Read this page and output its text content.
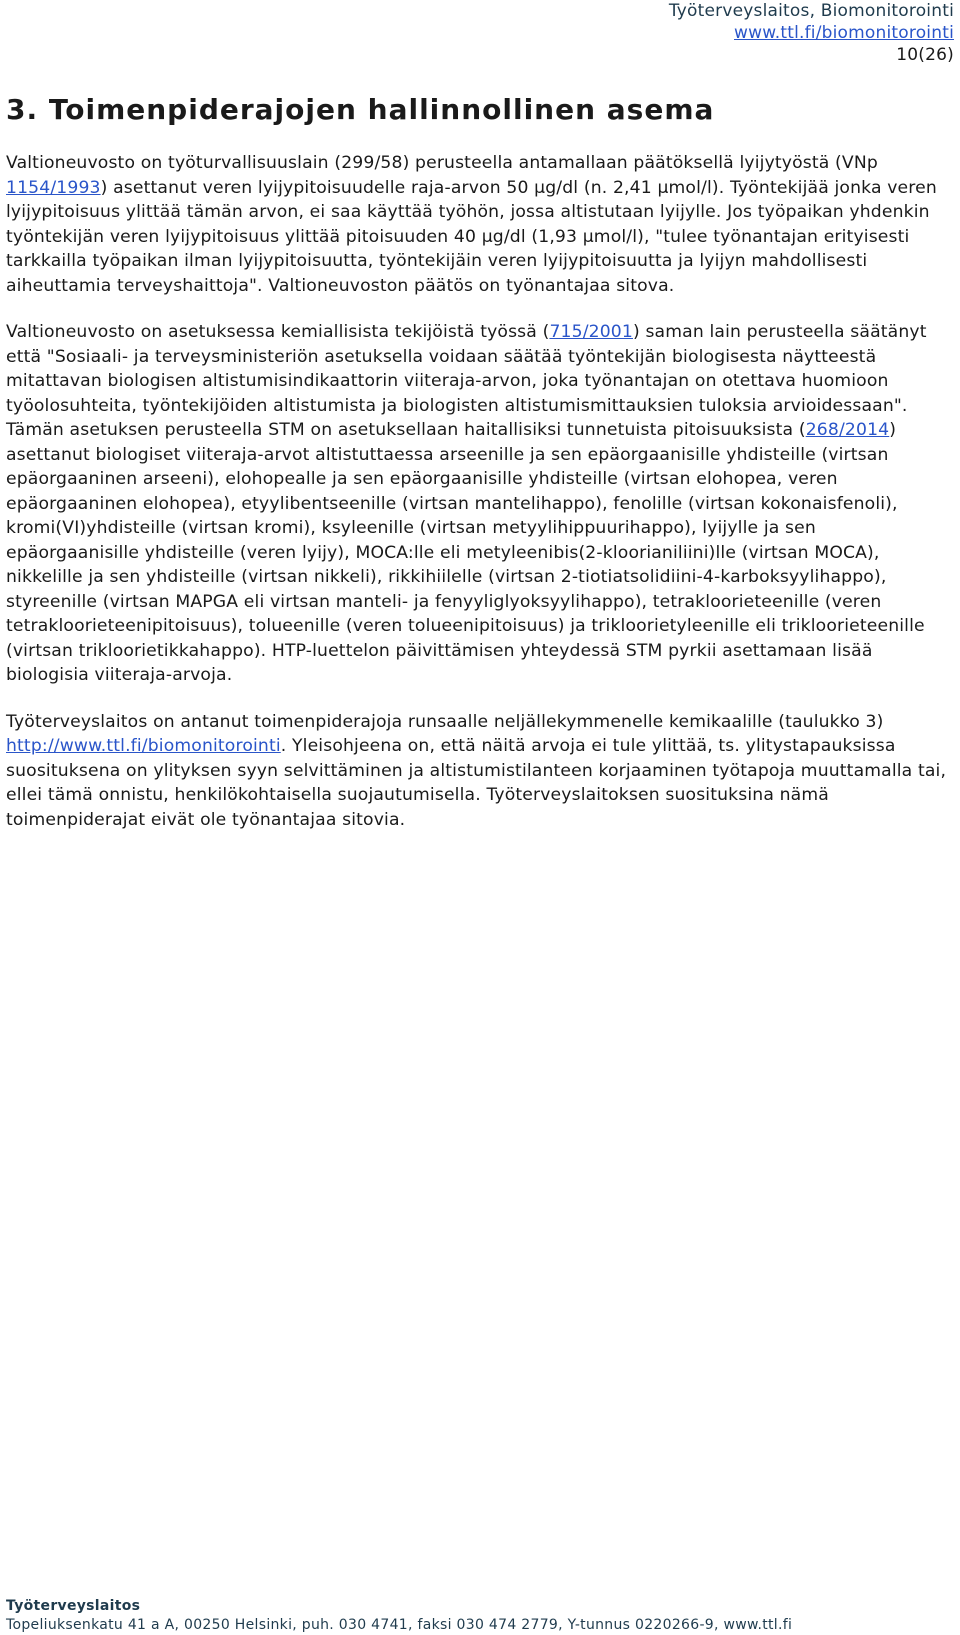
Työterveyslaitos, Biomonitorointi
www.ttl.fi/biomonitorointi
10(26)
3. Toimenpiderajojen hallinnollinen asema

Valtioneuvosto on työturvallisuuslain (299/58) perusteella antamallaan päätöksellä lyijytyöstä (VNp 1154/1993) asettanut veren lyijypitoisuudelle raja-arvon 50 µg/dl (n. 2,41 µmol/l). Työntekijää jonka veren lyijypitoisuus ylittää tämän arvon, ei saa käyttää työhön, jossa altistutaan lyijylle. Jos työpaikan yhdenkin työntekijän veren lyijypitoisuus ylittää pitoisuuden 40 µg/dl (1,93 µmol/l), "tulee työnantajan erityisesti tarkkailla työpaikan ilman lyijypitoisuutta, työntekijäin veren lyijypitoisuutta ja lyijyn mahdollisesti aiheuttamia terveyshaittoja". Valtioneuvoston päätös on työnantajaa sitova.

Valtioneuvosto on asetuksessa kemiallisista tekijöistä työssä (715/2001) saman lain perusteella säätänyt että "Sosiaali- ja terveysministeriön asetuksella voidaan säätää työntekijän biologisesta näytteestä mitattavan biologisen altistumisindikaattorin viiteraja-arvon, joka työnantajan on otettava huomioon työolosuhteita, työntekijöiden altistumista ja biologisten altistumismittauksien tuloksia arvioidessaan". Tämän asetuksen perusteella STM on asetuksellaan haitallisiksi tunnetuista pitoisuuksista (268/2014) asettanut biologiset viiteraja-arvot altistuttaessa arseenille ja sen epäorgaanisille yhdisteille (virtsan epäorgaaninen arseeni), elohopealle ja sen epäorgaanisille yhdisteille (virtsan elohopea, veren epäorgaaninen elohopea), etyylibentseenille (virtsan mantelihappo), fenolille (virtsan kokonaisfenoli), kromi(VI)yhdisteille (virtsan kromi), ksyleenille (virtsan metyylihippuurihappo), lyijylle ja sen epäorgaanisille yhdisteille (veren lyijy), MOCA:lle eli metyleenibis(2-kloorianiliini)lle (virtsan MOCA), nikkelille ja sen yhdisteille (virtsan nikkeli), rikkihiilelle (virtsan 2-tiotiatsolidiini-4-karboksyylihappo), styreenille (virtsan MAPGA eli virtsan manteli- ja fenyyliglyoksyylihappo), tetrakloorieteenille (veren tetrakloorieteenipitoisuus), tolueenille (veren tolueenipitoisuus) ja trikloorietyleenille eli trikloorieteenille (virtsan trikloorietikkahappo). HTP-luettelon päivittämisen yhteydessä STM pyrkii asettamaan lisää biologisia viiteraja-arvoja.

Työterveyslaitos on antanut toimenpiderajoja runsaalle neljällekymmenelle kemikaalille (taulukko 3) http://www.ttl.fi/biomonitorointi. Yleisohjeena on, että näitä arvoja ei tule ylittää, ts. ylitystapauksissa suosituksena on ylityksen syyn selvittäminen ja altistumistilanteen korjaaminen työtapoja muuttamalla tai, ellei tämä onnistu, henkilökohtaisella suojautumisella. Työterveyslaitoksen suosituksina nämä toimenpiderajat eivät ole työnantajaa sitovia.

Työterveyslaitos
Topeliuksenkatu 41 a A, 00250 Helsinki, puh. 030 4741, faksi 030 474 2779, Y-tunnus 0220266-9, www.ttl.fi
